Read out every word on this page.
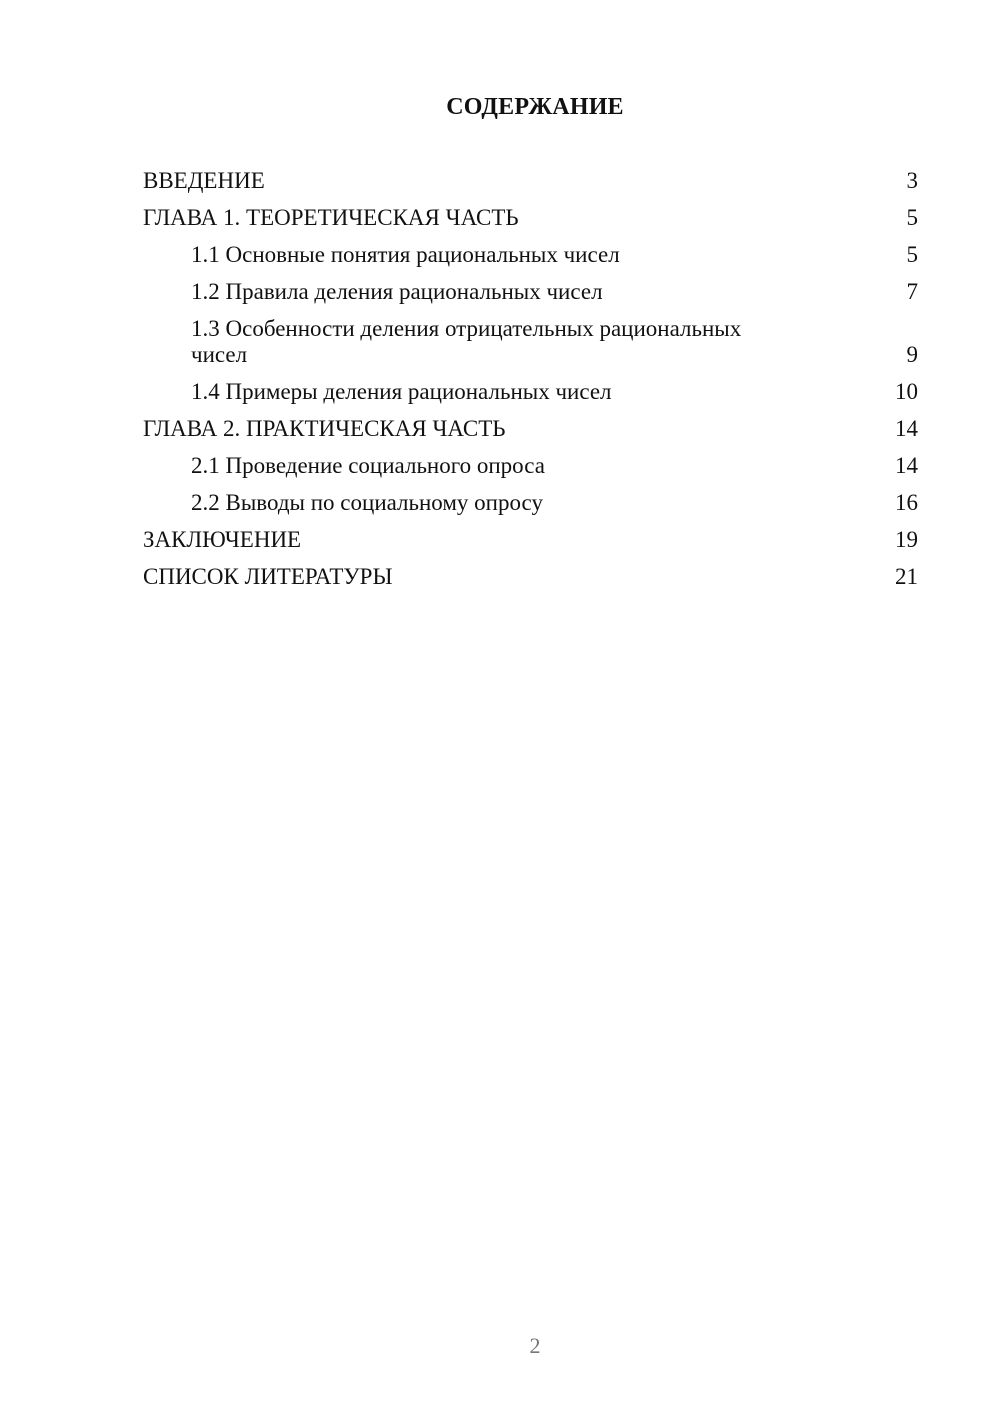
СОДЕРЖАНИЕ
ВВЕДЕНИЕ	3
ГЛАВА 1. ТЕОРЕТИЧЕСКАЯ ЧАСТЬ	5
1.1 Основные понятия рациональных чисел	5
1.2 Правила деления рациональных чисел	7
1.3 Особенности деления отрицательных рациональных чисел	9
1.4 Примеры деления рациональных чисел	10
ГЛАВА 2. ПРАКТИЧЕСКАЯ ЧАСТЬ	14
2.1 Проведение социального опроса	14
2.2 Выводы по социальному опросу	16
ЗАКЛЮЧЕНИЕ	19
СПИСОК ЛИТЕРАТУРЫ	21
2
